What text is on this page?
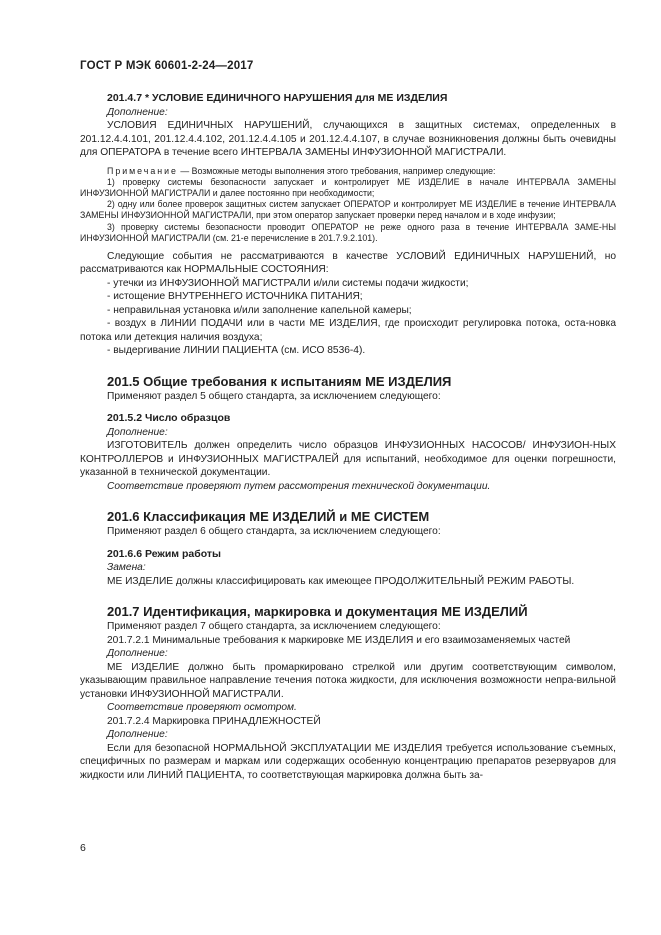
ГОСТ Р МЭК 60601-2-24—2017

201.4.7 * УСЛОВИЕ ЕДИНИЧНОГО НАРУШЕНИЯ для МЕ ИЗДЕЛИЯ

Дополнение:

УСЛОВИЯ ЕДИНИЧНЫХ НАРУШЕНИЙ, случающихся в защитных системах, определенных в 201.12.4.4.101, 201.12.4.4.102, 201.12.4.4.105 и 201.12.4.4.107, в случае возникновения должны быть очевидны для ОПЕРАТОРА в течение всего ИНТЕРВАЛА ЗАМЕНЫ ИНФУЗИОННОЙ МАГИСТРАЛИ.

Примечание — Возможные методы выполнения этого требования, например следующие:

1) проверку системы безопасности запускает и контролирует МЕ ИЗДЕЛИЕ в начале ИНТЕРВАЛА ЗАМЕНЫ ИНФУЗИОННОЙ МАГИСТРАЛИ и далее постоянно при необходимости;

2) одну или более проверок защитных систем запускает ОПЕРАТОР и контролирует МЕ ИЗДЕЛИЕ в течение ИНТЕРВАЛА ЗАМЕНЫ ИНФУЗИОННОЙ МАГИСТРАЛИ, при этом оператор запускает проверки перед началом и в ходе инфузии;

3) проверку системы безопасности проводит ОПЕРАТОР не реже одного раза в течение ИНТЕРВАЛА ЗАМЕ-НЫ ИНФУЗИОННОЙ МАГИСТРАЛИ (см. 21-е перечисление в 201.7.9.2.101).

Следующие события не рассматриваются в качестве УСЛОВИЙ ЕДИНИЧНЫХ НАРУШЕНИЙ, но рассматриваются как НОРМАЛЬНЫЕ СОСТОЯНИЯ:

- утечки из ИНФУЗИОННОЙ МАГИСТРАЛИ и/или системы подачи жидкости;

- истощение ВНУТРЕННЕГО ИСТОЧНИКА ПИТАНИЯ;

- неправильная установка и/или заполнение капельной камеры;

- воздух в ЛИНИИ ПОДАЧИ или в части МЕ ИЗДЕЛИЯ, где происходит регулировка потока, оста-новка потока или детекция наличия воздуха;

- выдергивание ЛИНИИ ПАЦИЕНТА (см. ИСО 8536-4).

201.5 Общие требования к испытаниям МЕ ИЗДЕЛИЯ

Применяют раздел 5 общего стандарта, за исключением следующего:

201.5.2 Число образцов

Дополнение:

ИЗГОТОВИТЕЛЬ должен определить число образцов ИНФУЗИОННЫХ НАСОСОВ/ ИНФУЗИОН-НЫХ КОНТРОЛЛЕРОВ и ИНФУЗИОННЫХ МАГИСТРАЛЕЙ для испытаний, необходимое для оценки погрешности, указанной в технической документации.

Соответствие проверяют путем рассмотрения технической документации.

201.6 Классификация МЕ ИЗДЕЛИЙ и МЕ СИСТЕМ

Применяют раздел 6 общего стандарта, за исключением следующего:

201.6.6 Режим работы

Замена:

МЕ ИЗДЕЛИЕ должны классифицировать как имеющее ПРОДОЛЖИТЕЛЬНЫЙ РЕЖИМ РАБОТЫ.

201.7 Идентификация, маркировка и документация МЕ ИЗДЕЛИЙ

Применяют раздел 7 общего стандарта, за исключением следующего:

201.7.2.1 Минимальные требования к маркировке МЕ ИЗДЕЛИЯ и его взаимозаменяемых частей

Дополнение:

МЕ ИЗДЕЛИЕ должно быть промаркировано стрелкой или другим соответствующим символом, указывающим правильное направление течения потока жидкости, для исключения возможности непра-вильной установки ИНФУЗИОННОЙ МАГИСТРАЛИ.

Соответствие проверяют осмотром.

201.7.2.4 Маркировка ПРИНАДЛЕЖНОСТЕЙ

Дополнение:

Если для безопасной НОРМАЛЬНОЙ ЭКСПЛУАТАЦИИ МЕ ИЗДЕЛИЯ требуется использование съемных, специфичных по размерам и маркам или содержащих особенную концентрацию препаратов резервуаров для жидкости или ЛИНИЙ ПАЦИЕНТА, то соответствующая маркировка должна быть за-

6
